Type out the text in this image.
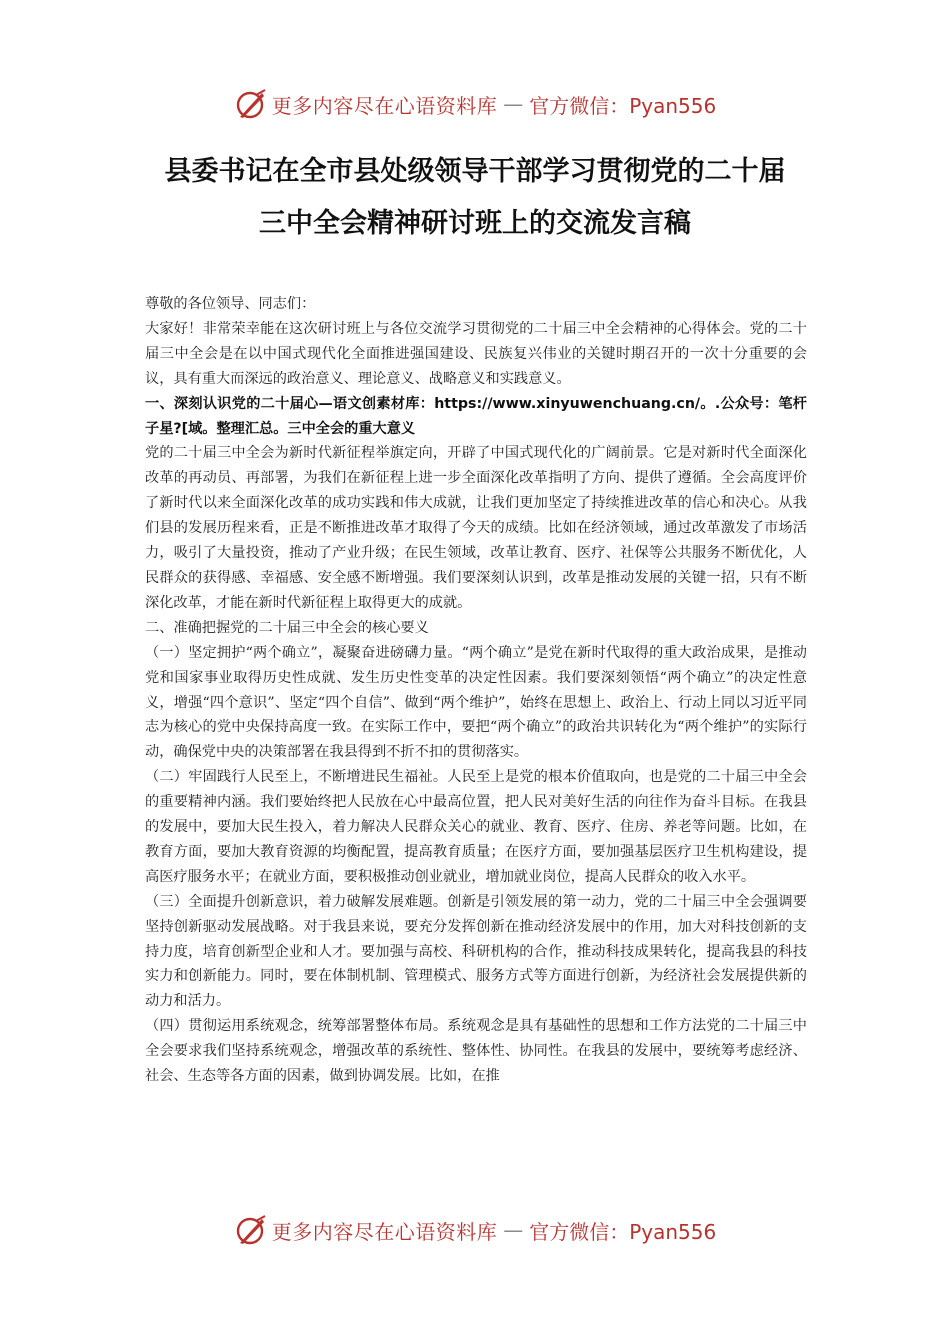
更多内容尽在心语资料库 — 官方微信：Pyan556
县委书记在全市县处级领导干部学习贯彻党的二十届
三中全会精神研讨班上的交流发言稿

尊敬的各位领导、同志们：

大家好！非常荣幸能在这次研讨班上与各位交流学习贯彻党的二十届三中全会精神的心得体会。党的二十届三中全会是在以中国式现代化全面推进强国建设、民族复兴伟业的关键时期召开的一次十分重要的会议，具有重大而深远的政治意义、理论意义、战略意义和实践意义。

一、深刻认识党的二十届心—语文创素材库：https://www.xinyuwenchuang.cn/。.公众号：笔杆子星?[域。整理汇总。三中全会的重大意义

党的二十届三中全会为新时代新征程举旗定向，开辟了中国式现代化的广阔前景。它是对新时代全面深化改革的再动员、再部署，为我们在新征程上进一步全面深化改革指明了方向、提供了遵循。全会高度评价了新时代以来全面深化改革的成功实践和伟大成就，让我们更加坚定了持续推进改革的信心和决心。从我们县的发展历程来看，正是不断推进改革才取得了今天的成绩。比如在经济领域，通过改革激发了市场活力，吸引了大量投资，推动了产业升级；在民生领域，改革让教育、医疗、社保等公共服务不断优化，人民群众的获得感、幸福感、安全感不断增强。我们要深刻认识到，改革是推动发展的关键一招，只有不断深化改革，才能在新时代新征程上取得更大的成就。

二、准确把握党的二十届三中全会的核心要义

（一）坚定拥护“两个确立”，凝聚奋进磅礴力量。“两个确立”是党在新时代取得的重大政治成果，是推动党和国家事业取得历史性成就、发生历史性变革的决定性因素。我们要深刻领悟“两个确立”的决定性意义，增强“四个意识”、坚定“四个自信”、做到“两个维护”，始终在思想上、政治上、行动上同以习近平同志为核心的党中央保持高度一致。在实际工作中，要把“两个确立”的政治共识转化为“两个维护”的实际行动，确保党中央的决策部署在我县得到不折不扣的贯彻落实。

（二）牢固践行人民至上，不断增进民生福祉。人民至上是党的根本价值取向，也是党的二十届三中全会的重要精神内涵。我们要始终把人民放在心中最高位置，把人民对美好生活的向往作为奋斗目标。在我县的发展中，要加大民生投入，着力解决人民群众关心的就业、教育、医疗、住房、养老等问题。比如，在教育方面，要加大教育资源的均衡配置，提高教育质量；在医疗方面，要加强基层医疗卫生机构建设，提高医疗服务水平；在就业方面，要积极推动创业就业，增加就业岗位，提高人民群众的收入水平。

（三）全面提升创新意识，着力破解发展难题。创新是引领发展的第一动力，党的二十届三中全会强调要坚持创新驱动发展战略。对于我县来说，要充分发挥创新在推动经济发展中的作用，加大对科技创新的支持力度，培育创新型企业和人才。要加强与高校、科研机构的合作，推动科技成果转化，提高我县的科技实力和创新能力。同时，要在体制机制、管理模式、服务方式等方面进行创新，为经济社会发展提供新的动力和活力。

（四）贯彻运用系统观念，统筹部署整体布局。系统观念是具有基础性的思想和工作方法党的二十届三中全会要求我们坚持系统观念，增强改革的系统性、整体性、协同性。在我县的发展中，要统筹考虑经济、社会、生态等各方面的因素，做到协调发展。比如，在推

更多内容尽在心语资料库 — 官方微信：Pyan556
